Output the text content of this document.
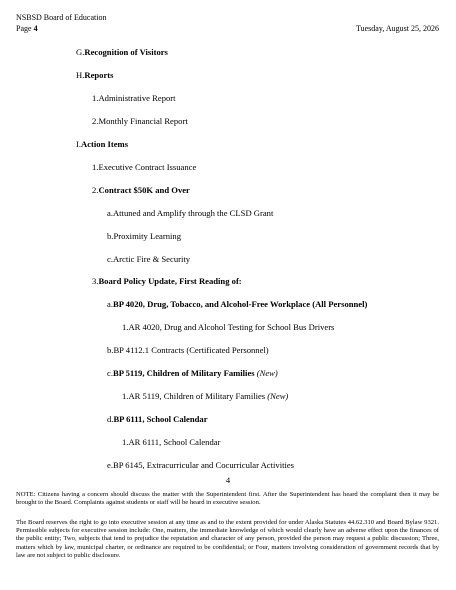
NSBSD Board of Education
Page 4	Tuesday, August 25, 2026
G.Recognition of Visitors
H.Reports
1.Administrative Report
2.Monthly Financial Report
I.Action Items
1.Executive Contract Issuance
2.Contract $50K and Over
a.Attuned and Amplify through the CLSD Grant
b.Proximity Learning
c.Arctic Fire & Security
3.Board Policy Update, First Reading of:
a.BP 4020, Drug, Tobacco, and Alcohol-Free Workplace (All Personnel)
1.AR 4020, Drug and Alcohol Testing for School Bus Drivers
b.BP 4112.1 Contracts (Certificated Personnel)
c.BP 5119, Children of Military Families (New)
1.AR 5119, Children of Military Families (New)
d.BP 6111, School Calendar
1.AR 6111, School Calendar
e.BP 6145, Extracurricular and Cocurricular Activities
4
NOTE: Citizens having a concern should discuss the matter with the Superintendent first. After the Superintendent has heard the complaint then it may be brought to the Board. Complaints against students or staff will be heard in executive session.
The Board reserves the right to go into executive session at any time as and to the extent provided for under Alaska Statutes 44.62.310 and Board Bylaw 9321. Permissible subjects for executive session include: One, matters, the immediate knowledge of which would clearly have an adverse effect upon the finances of the public entity; Two, subjects that tend to prejudice the reputation and character of any person, provided the person may request a public discussion; Three, matters which by law, municipal charter, or ordinance are required to be confidential; or Four, matters involving consideration of government records that by law are not subject to public disclosure.
